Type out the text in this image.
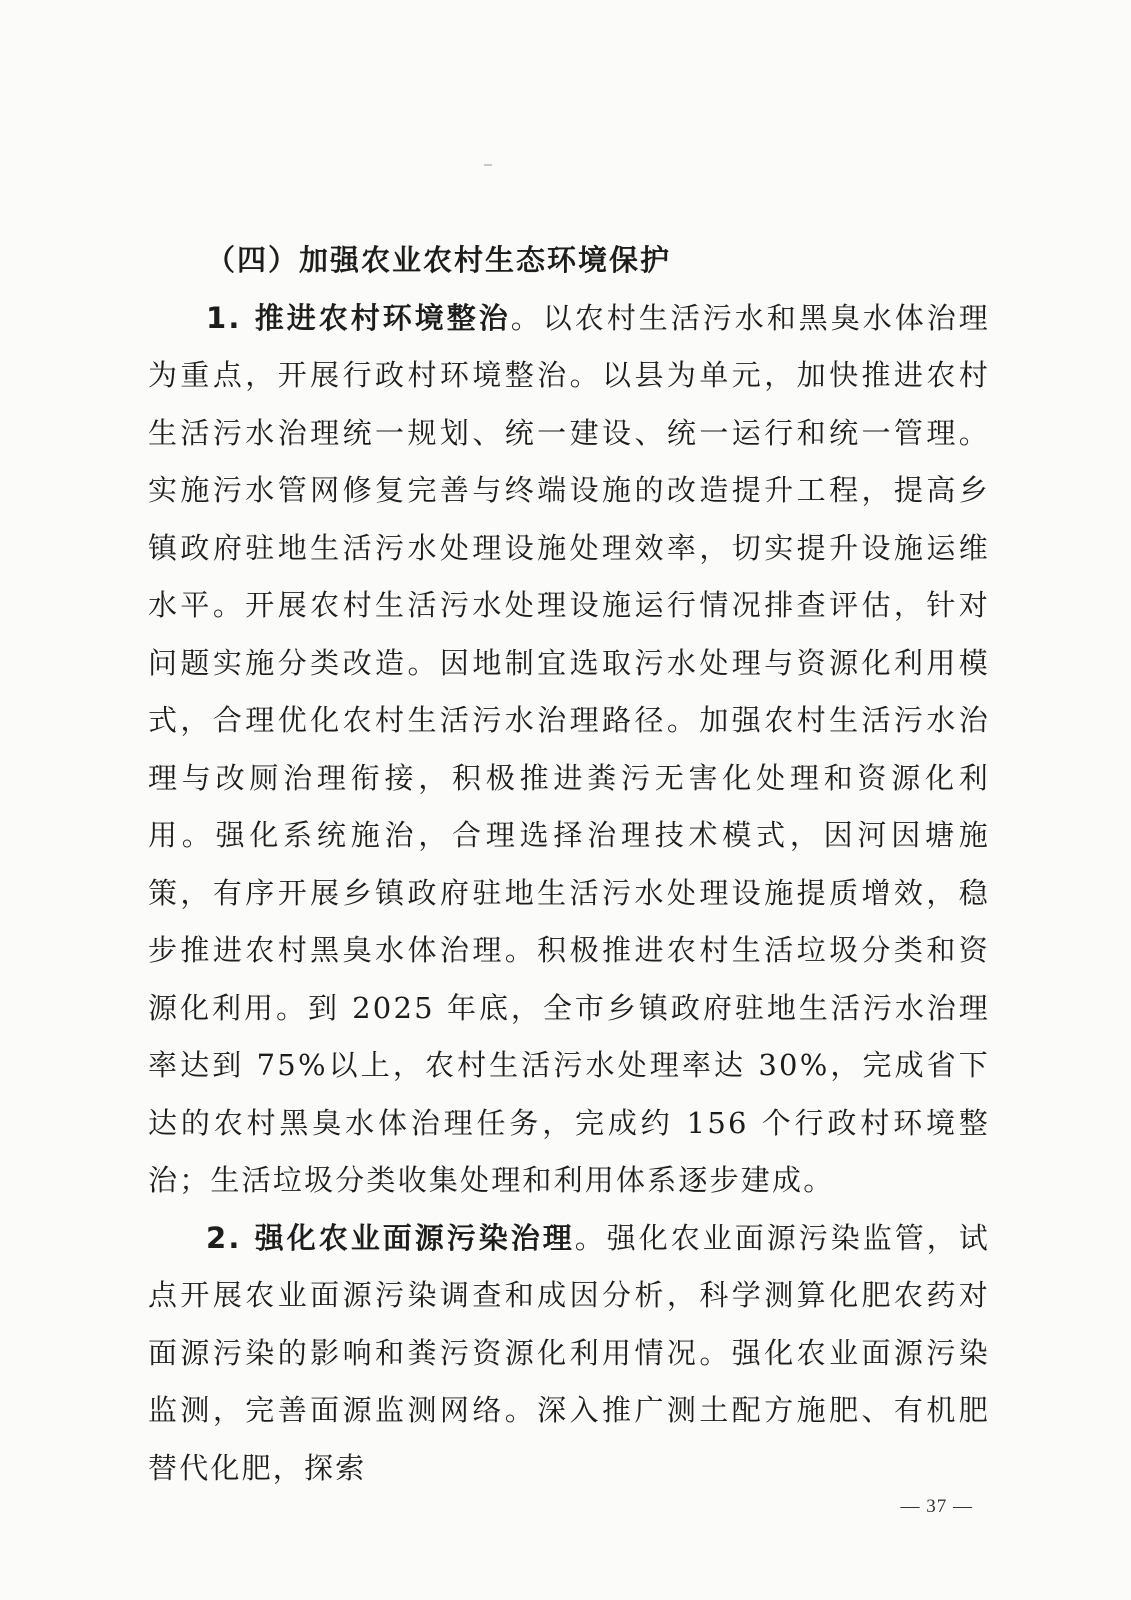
（四）加强农业农村生态环境保护

1. 推进农村环境整治。以农村生活污水和黑臭水体治理为重点，开展行政村环境整治。以县为单元，加快推进农村生活污水治理统一规划、统一建设、统一运行和统一管理。实施污水管网修复完善与终端设施的改造提升工程，提高乡镇政府驻地生活污水处理设施处理效率，切实提升设施运维水平。开展农村生活污水处理设施运行情况排查评估，针对问题实施分类改造。因地制宜选取污水处理与资源化利用模式，合理优化农村生活污水治理路径。加强农村生活污水治理与改厕治理衔接，积极推进粪污无害化处理和资源化利用。强化系统施治，合理选择治理技术模式，因河因塘施策，有序开展乡镇政府驻地生活污水处理设施提质增效，稳步推进农村黑臭水体治理。积极推进农村生活垃圾分类和资源化利用。到 2025 年底，全市乡镇政府驻地生活污水治理率达到 75%以上，农村生活污水处理率达 30%，完成省下达的农村黑臭水体治理任务，完成约 156 个行政村环境整治；生活垃圾分类收集处理和利用体系逐步建成。

2. 强化农业面源污染治理。强化农业面源污染监管，试点开展农业面源污染调查和成因分析，科学测算化肥农药对面源污染的影响和粪污资源化利用情况。强化农业面源污染监测，完善面源监测网络。深入推广测土配方施肥、有机肥替代化肥，探索

— 37 —
